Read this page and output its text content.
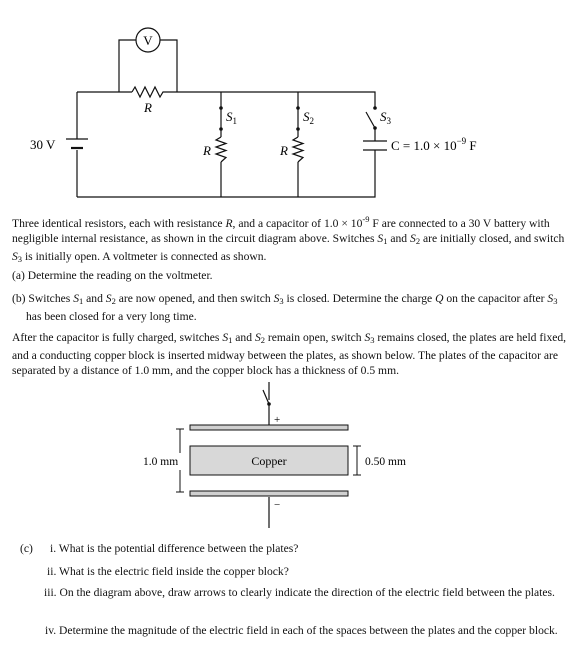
V
R
30 V
$S_1$
R
$S_2$
R
$S_3$
$C = 1.0 \times 10^{-9}$ F

Three identical resistors, each with resistance R, and a capacitor of $1.0 \times 10^{-9}$ F are connected to a 30 V battery with negligible internal resistance, as shown in the circuit diagram above. Switches $S_1$ and $S_2$ are initially closed, and switch $S_3$ is initially open. A voltmeter is connected as shown.

(a) Determine the reading on the voltmeter.

(b) Switches $S_1$ and $S_2$ are now opened, and then switch $S_3$ is closed. Determine the charge Q on the capacitor after $S_3$ has been closed for a very long time.

After the capacitor is fully charged, switches $S_1$ and $S_2$ remain open, switch $S_3$ remains closed, the plates are held fixed, and a conducting copper block is inserted midway between the plates, as shown below. The plates of the capacitor are separated by a distance of 1.0 mm, and the copper block has a thickness of 0.5 mm.

+
−
Copper
1.0 mm	0.50 mm

(c) i. What is the potential difference between the plates?

ii. What is the electric field inside the copper block?

iii. On the diagram above, draw arrows to clearly indicate the direction of the electric field between the plates.

iv. Determine the magnitude of the electric field in each of the spaces between the plates and the copper block.
